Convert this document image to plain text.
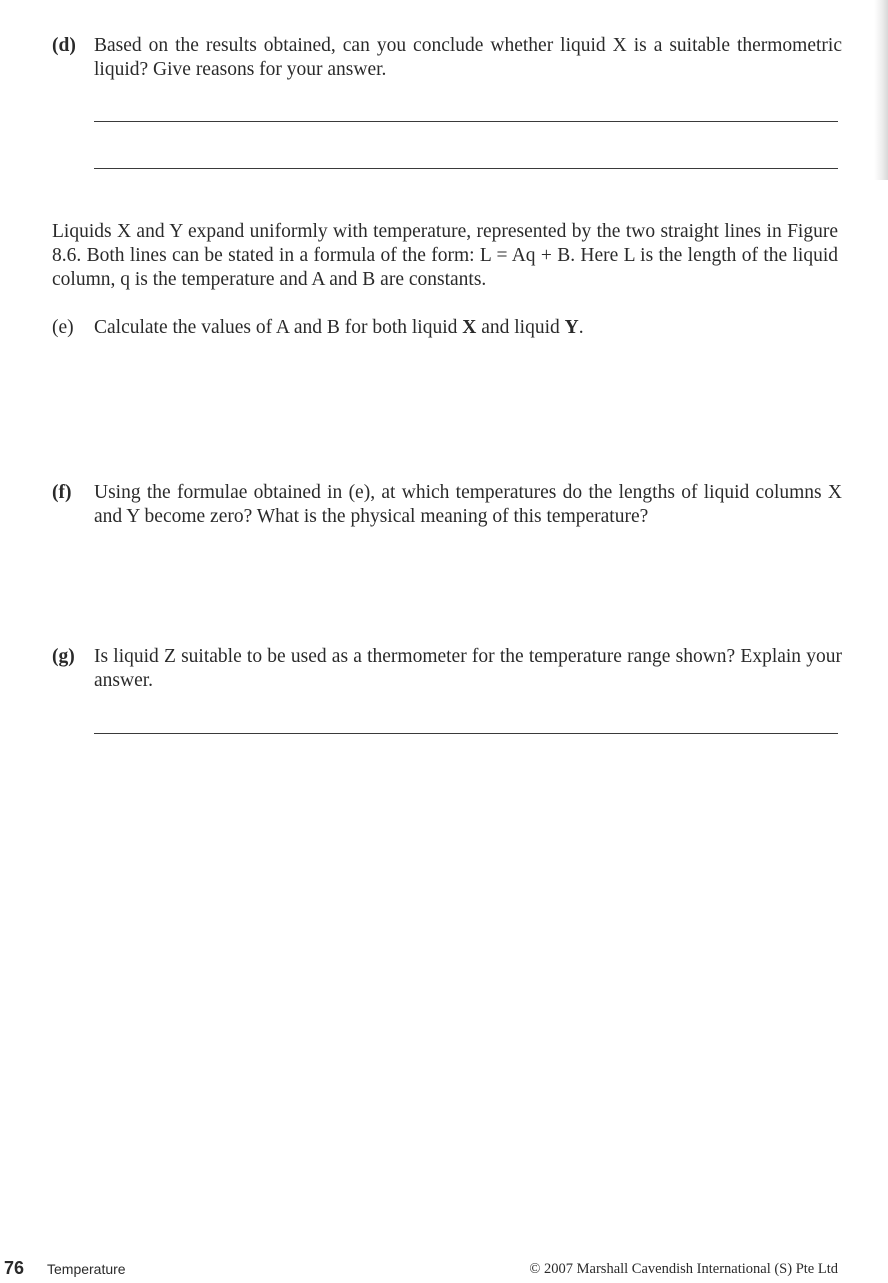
(d) Based on the results obtained, can you conclude whether liquid X is a suitable thermometric liquid? Give reasons for your answer.
Liquids X and Y expand uniformly with temperature, represented by the two straight lines in Figure 8.6. Both lines can be stated in a formula of the form: L = Aq + B. Here L is the length of the liquid column, q is the temperature and A and B are constants.
(e)	Calculate the values of A and B for both liquid X and liquid Y.
(f)	Using the formulae obtained in (e), at which temperatures do the lengths of liquid columns X and Y become zero? What is the physical meaning of this temperature?
(g) Is liquid Z suitable to be used as a thermometer for the temperature range shown? Explain your answer.
76 Temperature	© 2007 Marshall Cavendish International (S) Pte Ltd
